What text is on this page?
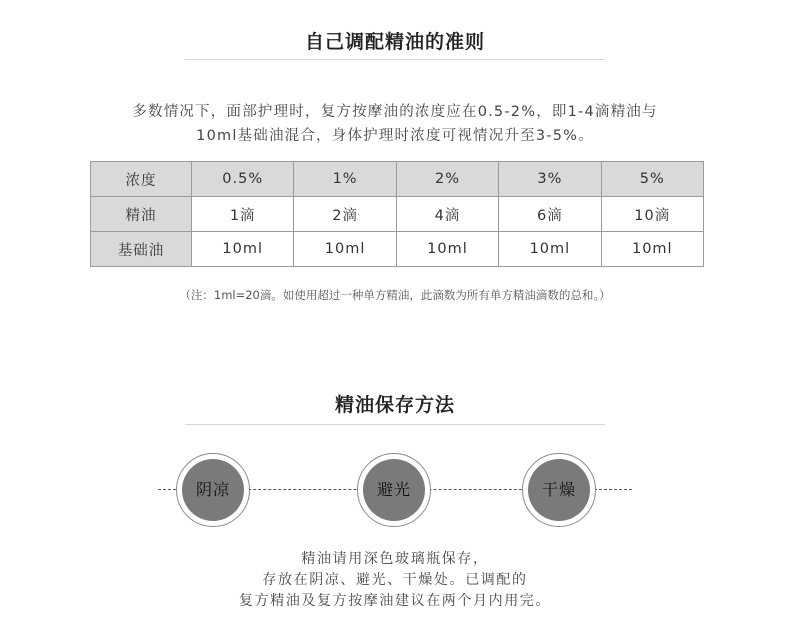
自己调配精油的准则
多数情况下，面部护理时，复方按摩油的浓度应在0.5-2%，即1-4滴精油与
10ml基础油混合，身体护理时浓度可视情况升至3-5%。
浓度	0.5%	1%	2%	3%	5%
精油	1滴	2滴	4滴	6滴	10滴
基础油	10ml	10ml	10ml	10ml	10ml
（注：1ml=20滴。如使用超过一种单方精油，此滴数为所有单方精油滴数的总和。）
精油保存方法
阴凉	避光	干燥
精油请用深色玻璃瓶保存，
存放在阴凉、避光、干燥处。已调配的
复方精油及复方按摩油建议在两个月内用完。
